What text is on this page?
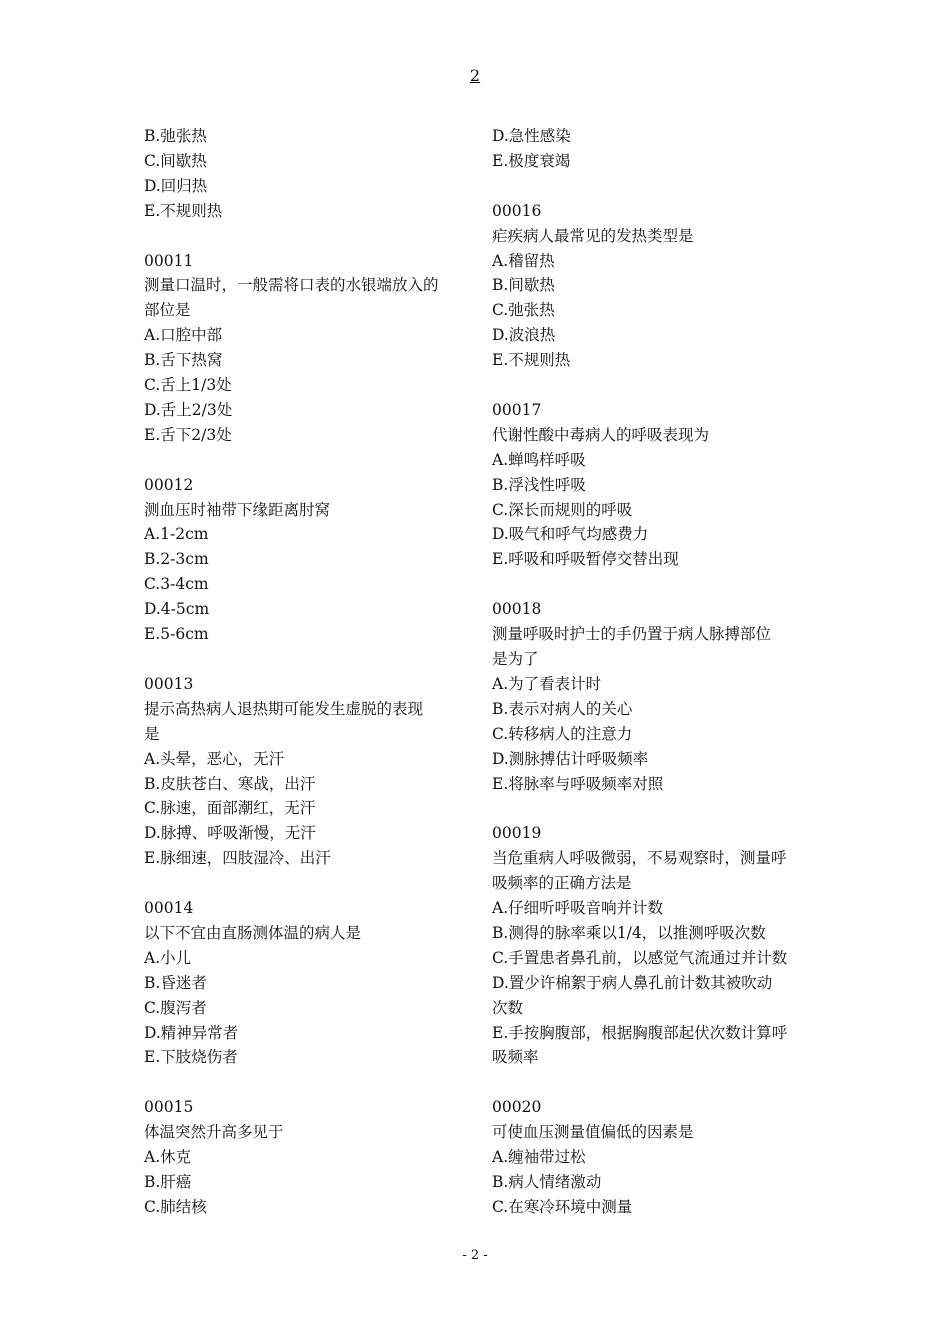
2
B.弛张热
C.间歇热
D.回归热
E.不规则热
00011
测量口温时，一般需将口表的水银端放入的
部位是
A.口腔中部
B.舌下热窝
C.舌上1/3处
D.舌上2/3处
E.舌下2/3处
00012
测血压时袖带下缘距离肘窝
A.1-2cm
B.2-3cm
C.3-4cm
D.4-5cm
E.5-6cm
00013
提示高热病人退热期可能发生虚脱的表现
是
A.头晕，恶心，无汗
B.皮肤苍白、寒战，出汗
C.脉速，面部潮红，无汗
D.脉搏、呼吸渐慢，无汗
E.脉细速，四肢湿冷、出汗
00014
以下不宜由直肠测体温的病人是
A.小儿
B.昏迷者
C.腹泻者
D.精神异常者
E.下肢烧伤者
00015
体温突然升高多见于
A.休克
B.肝癌
C.肺结核
D.急性感染
E.极度衰竭
00016
疟疾病人最常见的发热类型是
A.稽留热
B.间歇热
C.弛张热
D.波浪热
E.不规则热
00017
代谢性酸中毒病人的呼吸表现为
A.蝉鸣样呼吸
B.浮浅性呼吸
C.深长而规则的呼吸
D.吸气和呼气均感费力
E.呼吸和呼吸暂停交替出现
00018
测量呼吸时护士的手仍置于病人脉搏部位
是为了
A.为了看表计时
B.表示对病人的关心
C.转移病人的注意力
D.测脉搏估计呼吸频率
E.将脉率与呼吸频率对照
00019
当危重病人呼吸微弱，不易观察时，测量呼
吸频率的正确方法是
A.仔细听呼吸音响并计数
B.测得的脉率乘以1/4，以推测呼吸次数
C.手置患者鼻孔前，以感觉气流通过并计数
D.置少许棉絮于病人鼻孔前计数其被吹动
次数
E.手按胸腹部，根据胸腹部起伏次数计算呼
吸频率
00020
可使血压测量值偏低的因素是
A.缠袖带过松
B.病人情绪激动
C.在寒冷环境中测量
- 2 -
